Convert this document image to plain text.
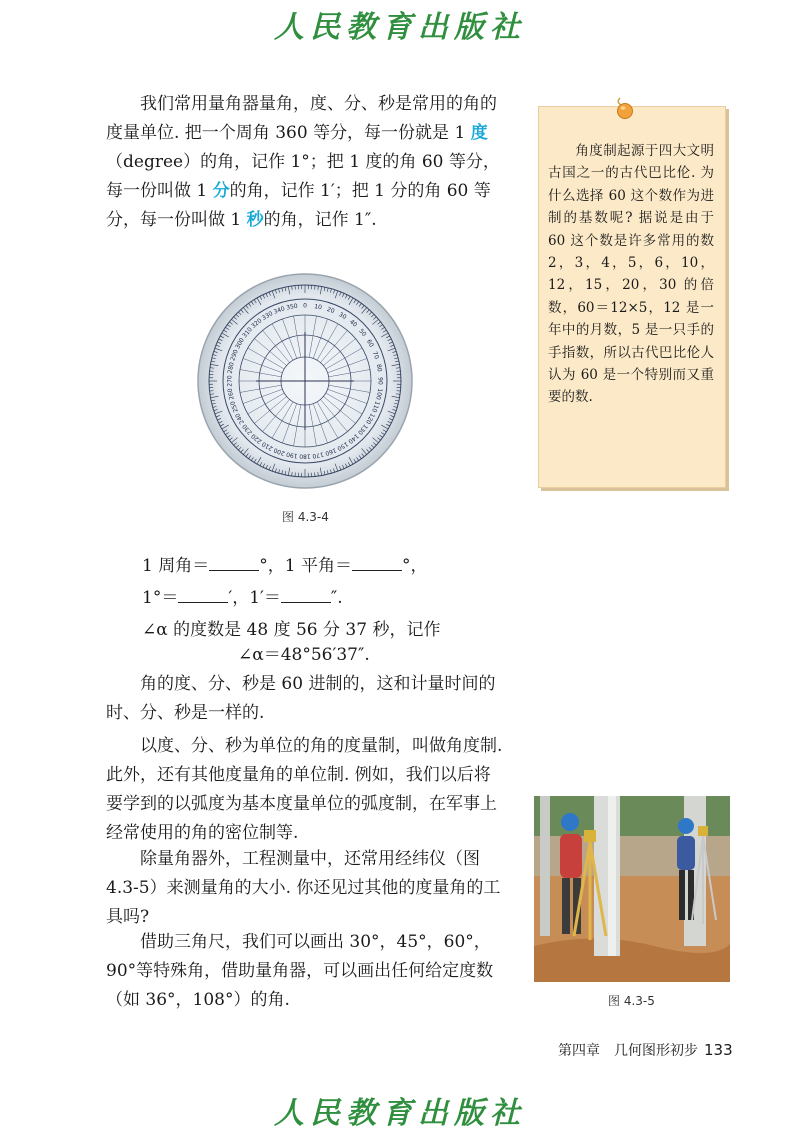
人民教育出版社

我们常用量角器量角，度、分、秒是常用的角的度量单位. 把一个周角 360 等分，每一份就是 1 度（degree）的角，记作 1°；把 1 度的角 60 等分，每一份叫做 1 分的角，记作 1′；把 1 分的角 60 等分，每一份叫做 1 秒的角，记作 1″.

角度制起源于四大文明古国之一的古代巴比伦. 为什么选择 60 这个数作为进制的基数呢? 据说是由于 60 这个数是许多常用的数 2，3，4，5，6，10，12，15，20，30 的倍数，60＝12×5，12 是一年中的月数，5 是一只手的手指数，所以古代巴比伦人认为 60 是一个特别而又重要的数.

0 10 20
30
40
50
60
70
80
90
100
110
120
130
140
150
160
170
180
190
200
210
220
230
240
250
260
270
280
290
300
310
320
330
340 350
图 4.3-4
1 周角＝	°，1 平角＝	°，
1°＝	′，1′＝	″.
∠α 的度数是 48 度 56 分 37 秒，记作
∠α＝48°56′37″.

角的度、分、秒是 60 进制的，这和计量时间的时、分、秒是一样的.

以度、分、秒为单位的角的度量制，叫做角度制. 此外，还有其他度量角的单位制. 例如，我们以后将要学到的以弧度为基本度量单位的弧度制，在军事上经常使用的角的密位制等.

除量角器外，工程测量中，还常用经纬仪（图 4.3-5）来测量角的大小. 你还见过其他的度量角的工具吗?

借助三角尺，我们可以画出 30°，45°，60°，90°等特殊角，借助量角器，可以画出任何给定度数（如 36°，108°）的角.	图 4.3-5
第四章　几何图形初步 133
人民教育出版社
